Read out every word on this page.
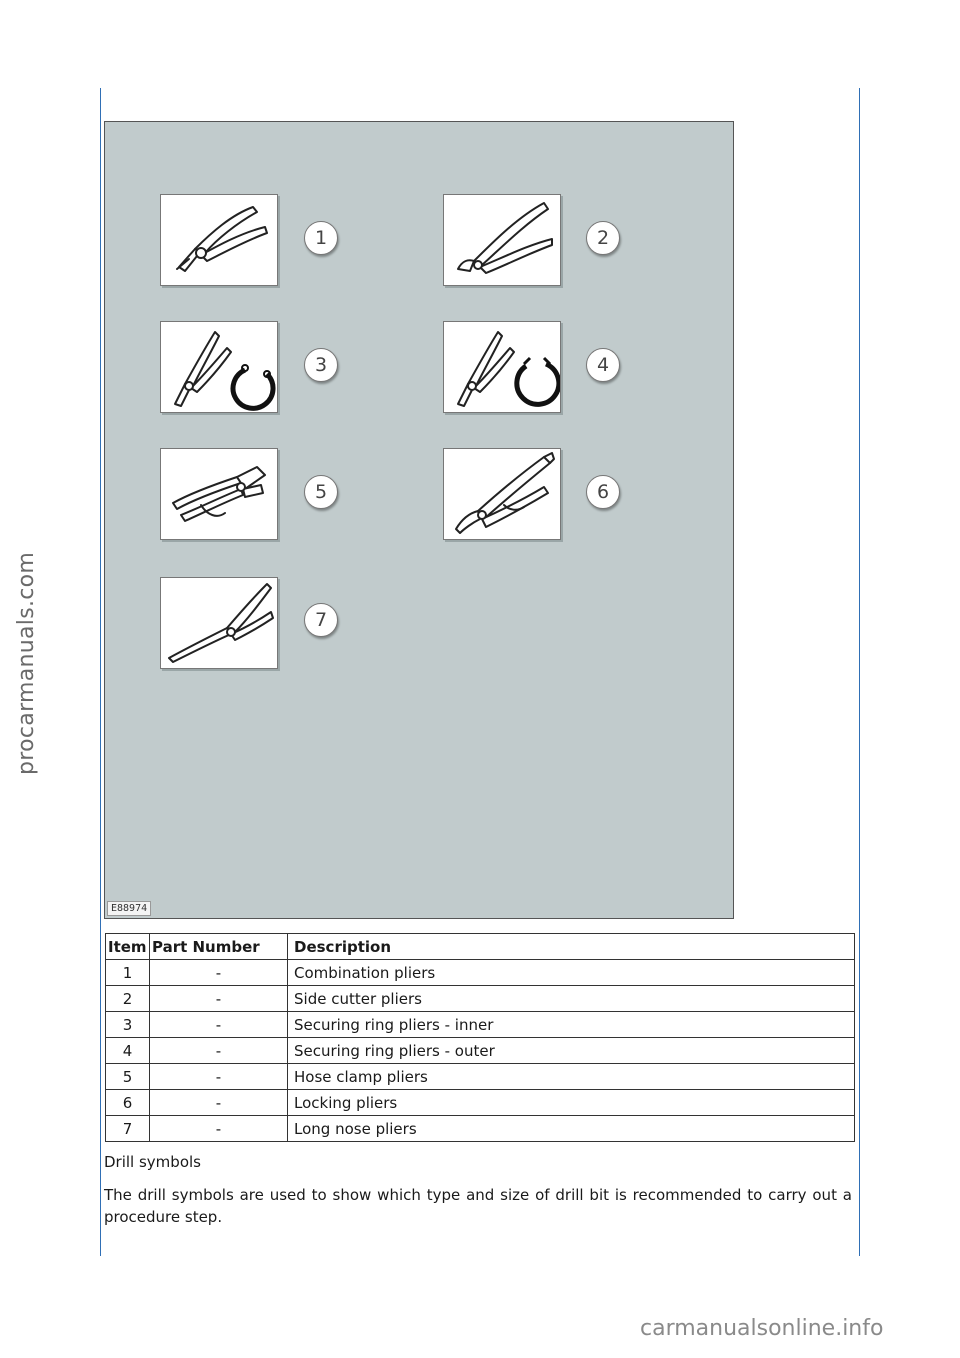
procarmanuals.com
carmanualsonline.info
1	2
3	4
5	6
7
E88974
Item	Part Number	Description
1	-	Combination pliers
2	-	Side cutter pliers
3	-	Securing ring pliers - inner
4	-	Securing ring pliers - outer
5	-	Hose clamp pliers
6	-	Locking pliers
7	-	Long nose pliers
Drill symbols
The drill symbols are used to show which type and size of drill bit is recommended to carry out a procedure step.
